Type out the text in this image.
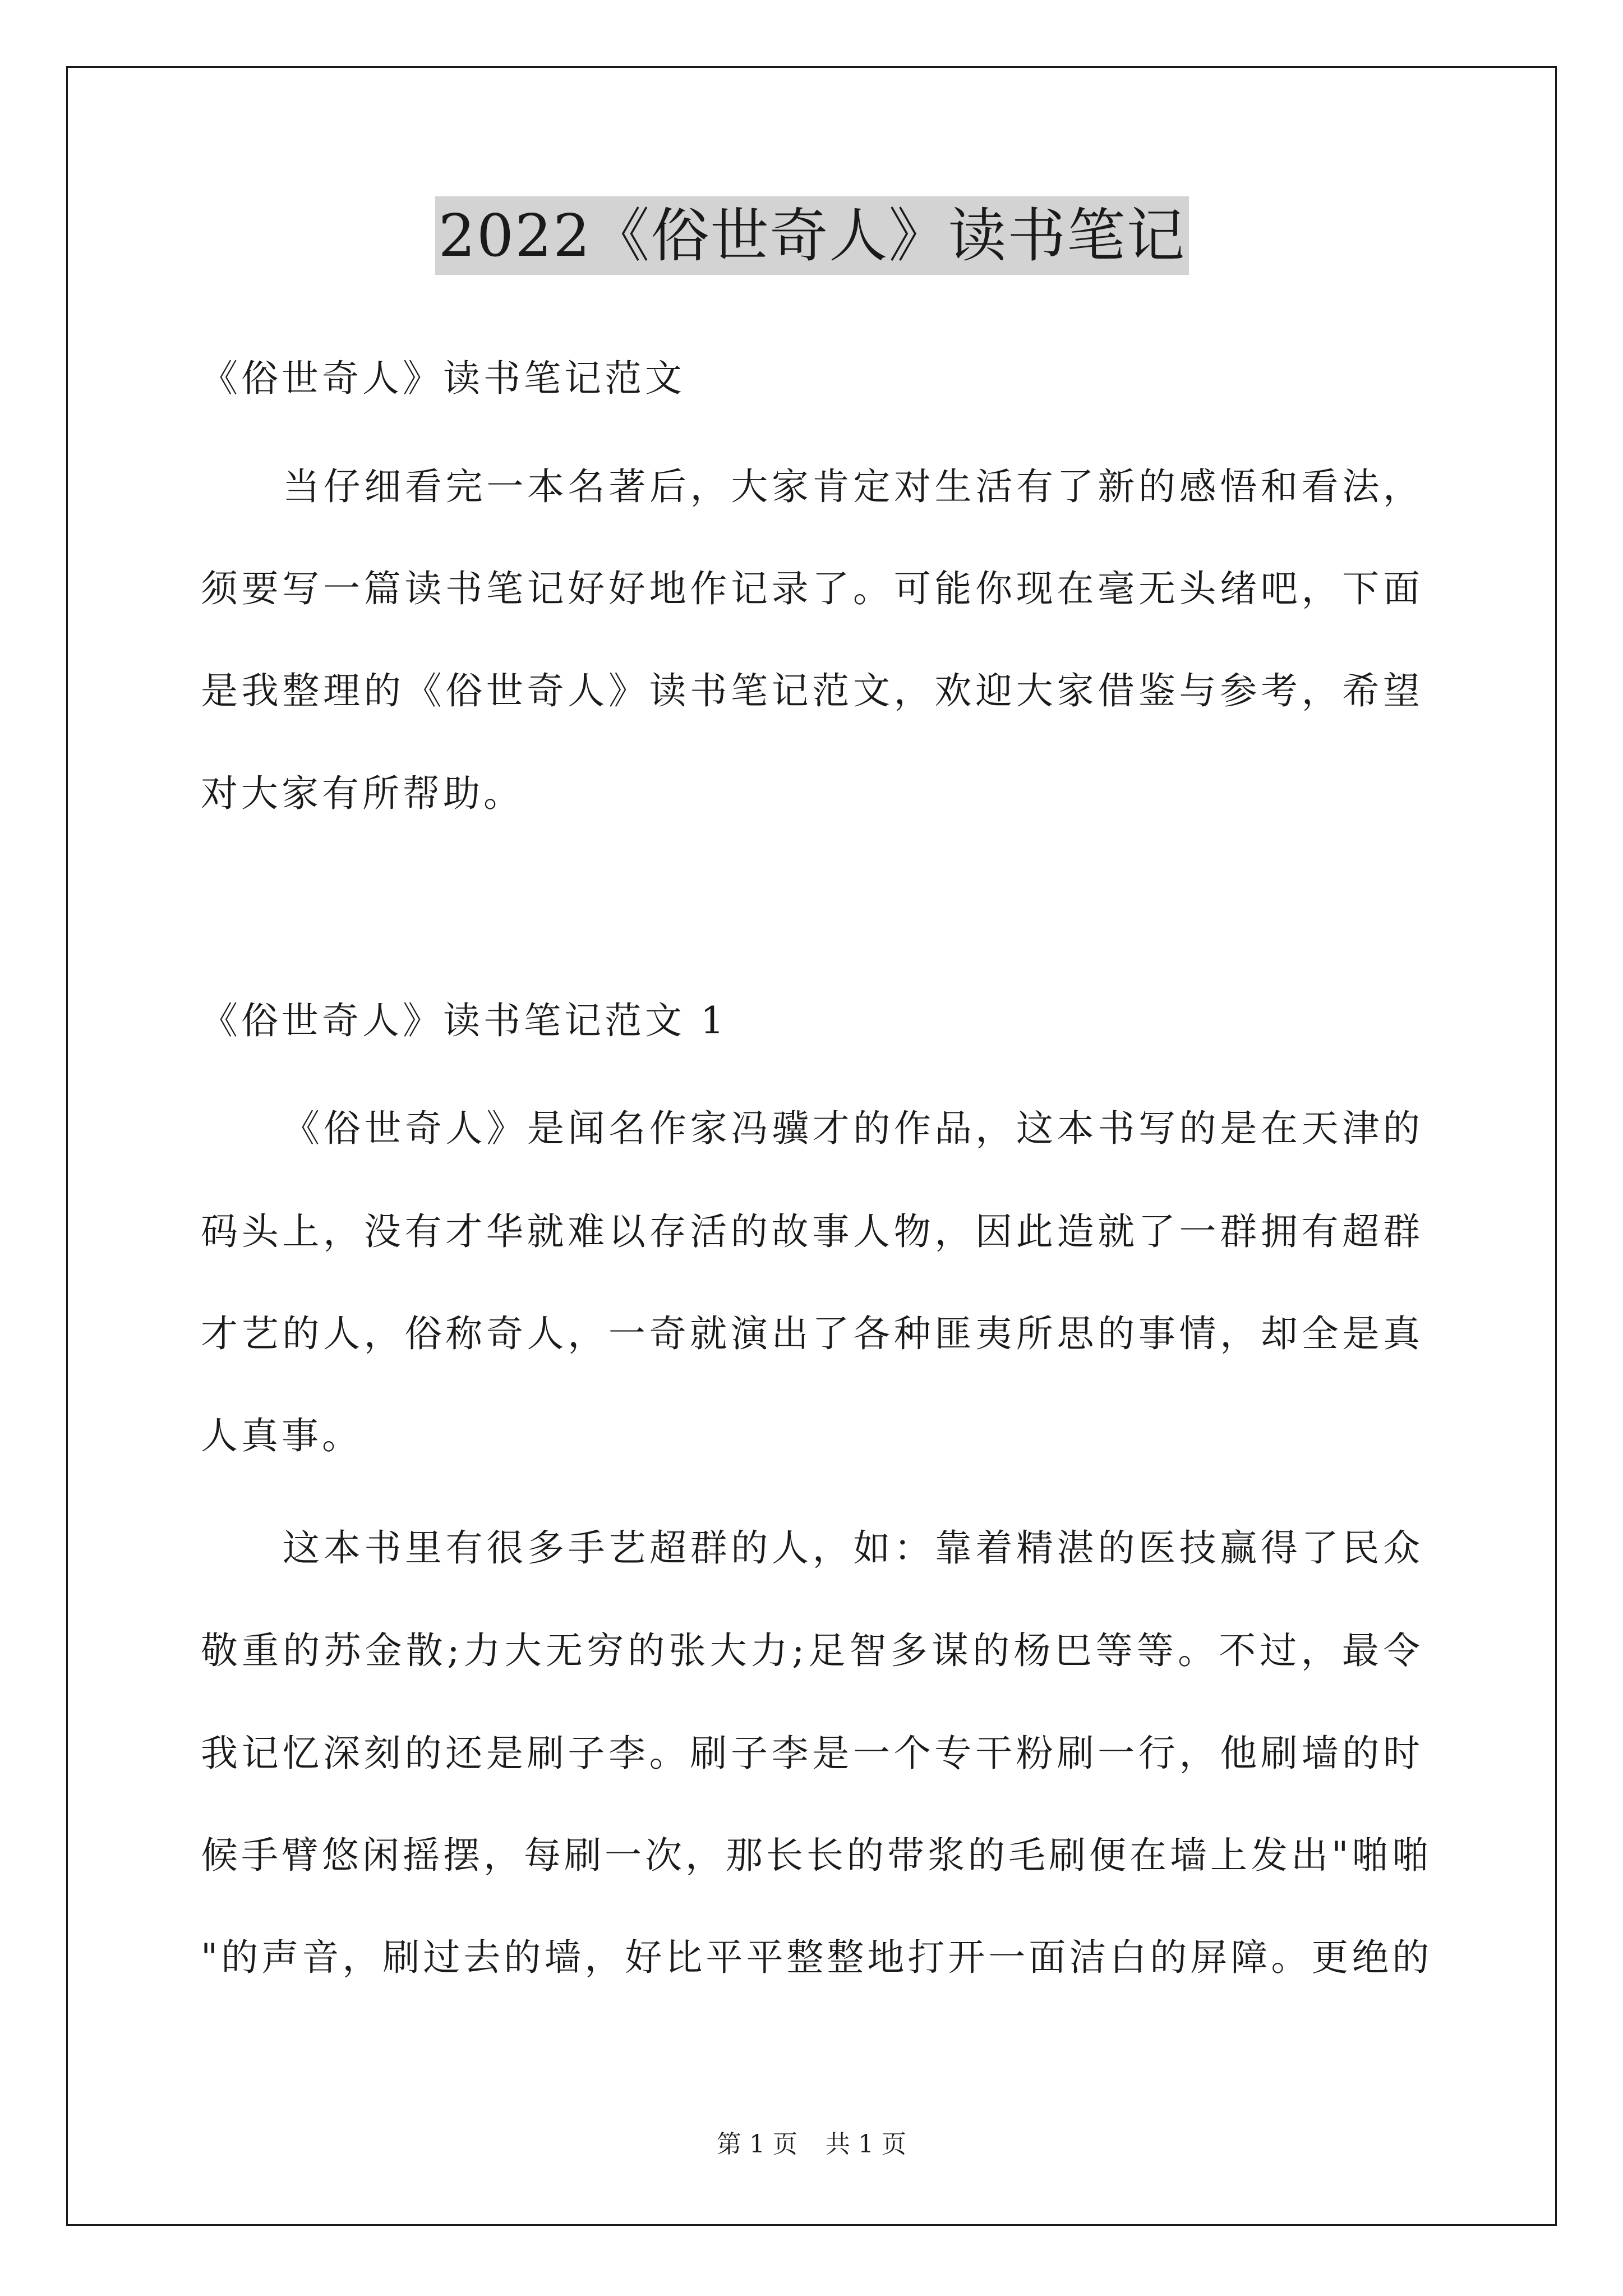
2022《俗世奇人》读书笔记
《俗世奇人》读书笔记范文
当仔细看完一本名著后，大家肯定对生活有了新的感悟和看法，
须要写一篇读书笔记好好地作记录了。可能你现在毫无头绪吧，下面
是我整理的《俗世奇人》读书笔记范文，欢迎大家借鉴与参考，希望
对大家有所帮助。
《俗世奇人》读书笔记范文 1
《俗世奇人》是闻名作家冯骥才的作品，这本书写的是在天津的
码头上，没有才华就难以存活的故事人物，因此造就了一群拥有超群
才艺的人，俗称奇人，一奇就演出了各种匪夷所思的事情，却全是真
人真事。
这本书里有很多手艺超群的人，如：靠着精湛的医技赢得了民众
敬重的苏金散;力大无穷的张大力;足智多谋的杨巴等等。不过，最令
我记忆深刻的还是刷子李。刷子李是一个专干粉刷一行，他刷墙的时
候手臂悠闲摇摆，每刷一次，那长长的带浆的毛刷便在墙上发出"啪啪
"的声音，刷过去的墙，好比平平整整地打开一面洁白的屏障。更绝的
第 1 页 共 1 页
